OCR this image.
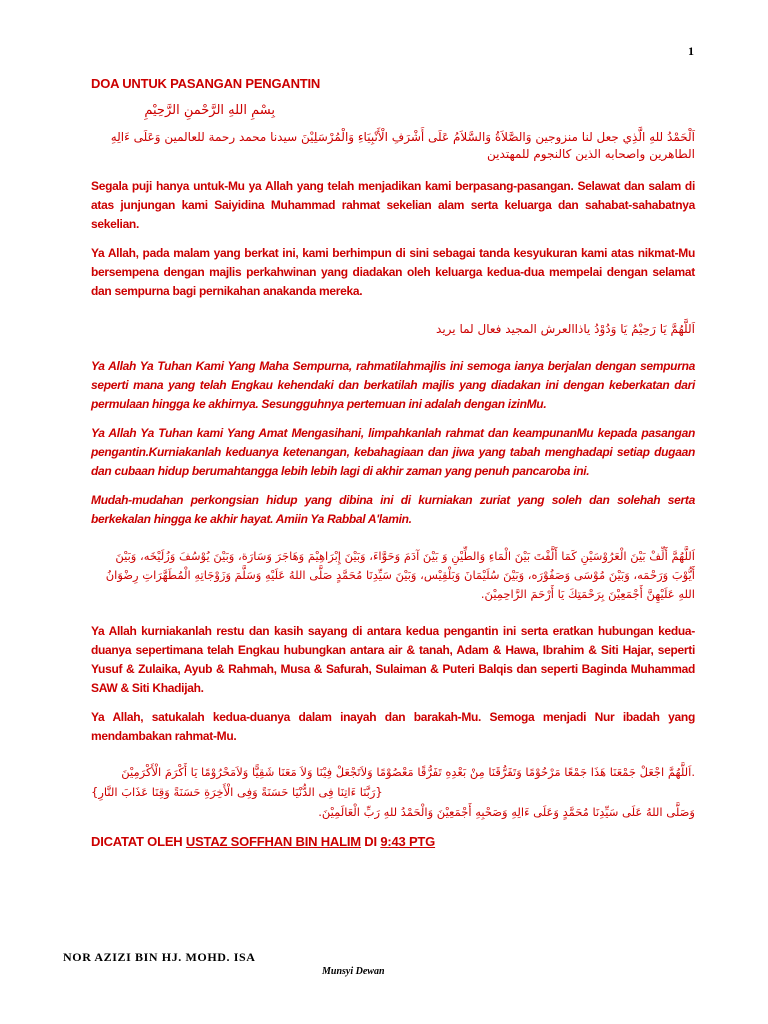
1
DOA UNTUK PASANGAN PENGANTIN
بِسْمِ اللهِ الرَّحْمنِ الرَّحِيْمِ
اَلْحَمْدُ للهِ الَّذِي جعل لنا منزوجين وَالصَّلاَةُ وَالسَّلاَمُ عَلَى أَشْرَفِ الْأَنْبِيَاءِ وَالْمُرْسَلِيْنَ سيدنا محمد رحمة للعالمين وَعَلَى ءَالِهِ
الطاهرين واصحابه الذين كالنجوم للمهتدين

Segala puji hanya untuk-Mu ya Allah yang telah menjadikan kami berpasang-pasangan. Selawat dan salam di atas junjungan kami Saiyidina Muhammad rahmat sekelian alam serta keluarga dan sahabat-sahabatnya sekelian.

Ya Allah, pada malam yang berkat ini, kami berhimpun di sini sebagai tanda kesyukuran kami atas nikmat-Mu bersempena dengan majlis perkahwinan yang diadakan oleh keluarga kedua-dua mempelai dengan selamat dan sempurna bagi pernikahan anakanda mereka.

اَللَّهُمَّ يَا رَحِيْمُ يَا وَدُوْدُ ياذاالعرش المجيد فعال لما يريد

Ya Allah Ya Tuhan Kami Yang Maha Sempurna, rahmatilahmajlis ini semoga ianya berjalan dengan sempurna seperti mana yang telah Engkau kehendaki dan berkatilah majlis yang diadakan ini dengan keberkatan dari permulaan hingga ke akhirnya. Sesungguhnya pertemuan ini adalah dengan izinMu.

Ya Allah Ya Tuhan kami Yang Amat Mengasihani, limpahkanlah rahmat dan keampunanMu kepada pasangan pengantin.Kurniakanlah keduanya ketenangan, kebahagiaan dan jiwa yang tabah menghadapi setiap dugaan dan cubaan hidup berumahtangga lebih lebih lagi di akhir zaman yang penuh pancaroba ini.

Mudah-mudahan perkongsian hidup yang dibina ini di kurniakan zuriat yang soleh dan solehah serta berkekalan hingga ke akhir hayat. Amiin Ya Rabbal A'lamin.

اَللَّهُمَّ أَلِّفْ بَيْنَ الْعَرُوْسَيْنِ كَمَا أَلَّفْتَ بَيْنَ الْمَاءِ وَالطِّيْنِ وَ بَيْنَ آدَمَ وَحَوَّاءَ، وَبَيْنَ إِبْرَاهِيْمَ وَهَاجَرَ وَسَارَة، وَبَيْنَ يُوْسُفَ وَزُلَيْخَه، وَبَيْنَ أَيُّوْبَ وَرَحْمَه، وَبَيْنَ مُوْسَى وَصَفُوْرَه، وَبَيْنَ سُلَيْمَانَ وَبَلْقِيْس، وَبَيْنَ سَيِّدِنَا مُحَمَّدٍ صَلَّى اللهُ عَلَيْهِ وَسَلَّمَ وَزَوْجَاتِهِ الْمُطَهَّرَاتِ رِضْوَانُ اللهِ عَلَيْهِنَّ أَجْمَعِيْنَ بِرَحْمَتِكَ يَا أَرْحَمَ الرَّاحِمِيْنَ.

Ya Allah kurniakanlah restu dan kasih sayang di antara kedua pengantin ini serta eratkan hubungan kedua-duanya sepertimana telah Engkau hubungkan antara air & tanah, Adam & Hawa, Ibrahim & Siti Hajar, seperti Yusuf & Zulaika, Ayub & Rahmah, Musa & Safurah, Sulaiman & Puteri Balqis dan seperti Baginda Muhammad SAW & Siti Khadijah.

Ya Allah, satukalah kedua-duanya dalam inayah dan barakah-Mu. Semoga menjadi Nur ibadah yang mendambakan rahmat-Mu.

.اَللَّهُمَّ اجْعَلْ جَمْعَنَا هَذَا جَمْعًا مَرْحُوْمًا وَتَفَرُّقَنَا مِنْ بَعْدِهِ تَفَرُّقًا مَعْصُوْمًا وَلاَتَجْعَلْ فِيْنَا وَلاَ مَعَنَا شَقِيًّا وَلاَمَحْرُوْمًا يَا أَكْرَمَ الْأَكْرَمِيْنَ
{رَبَّنَا ءَاتِنَا فِى الدُّنْيَا حَسَنَةً وَفِى الْأَخِرَةِ حَسَنَةً وَقِنَا عَذَابَ النَّارِ}
وَصَلَّى اللهُ عَلَى سَيِّدِنَا مُحَمَّدٍ وَعَلَى ءَالِهِ وَصَحْبِهِ أَجْمَعِيْنَ وَالْحَمْدُ للهِ رَبِّ الْعَالَمِيْنَ.
DICATAT OLEH USTAZ SOFFHAN BIN HALIM DI 9:43 PTG
NOR AZIZI BIN HJ. MOHD. ISA
Munsyi Dewan
